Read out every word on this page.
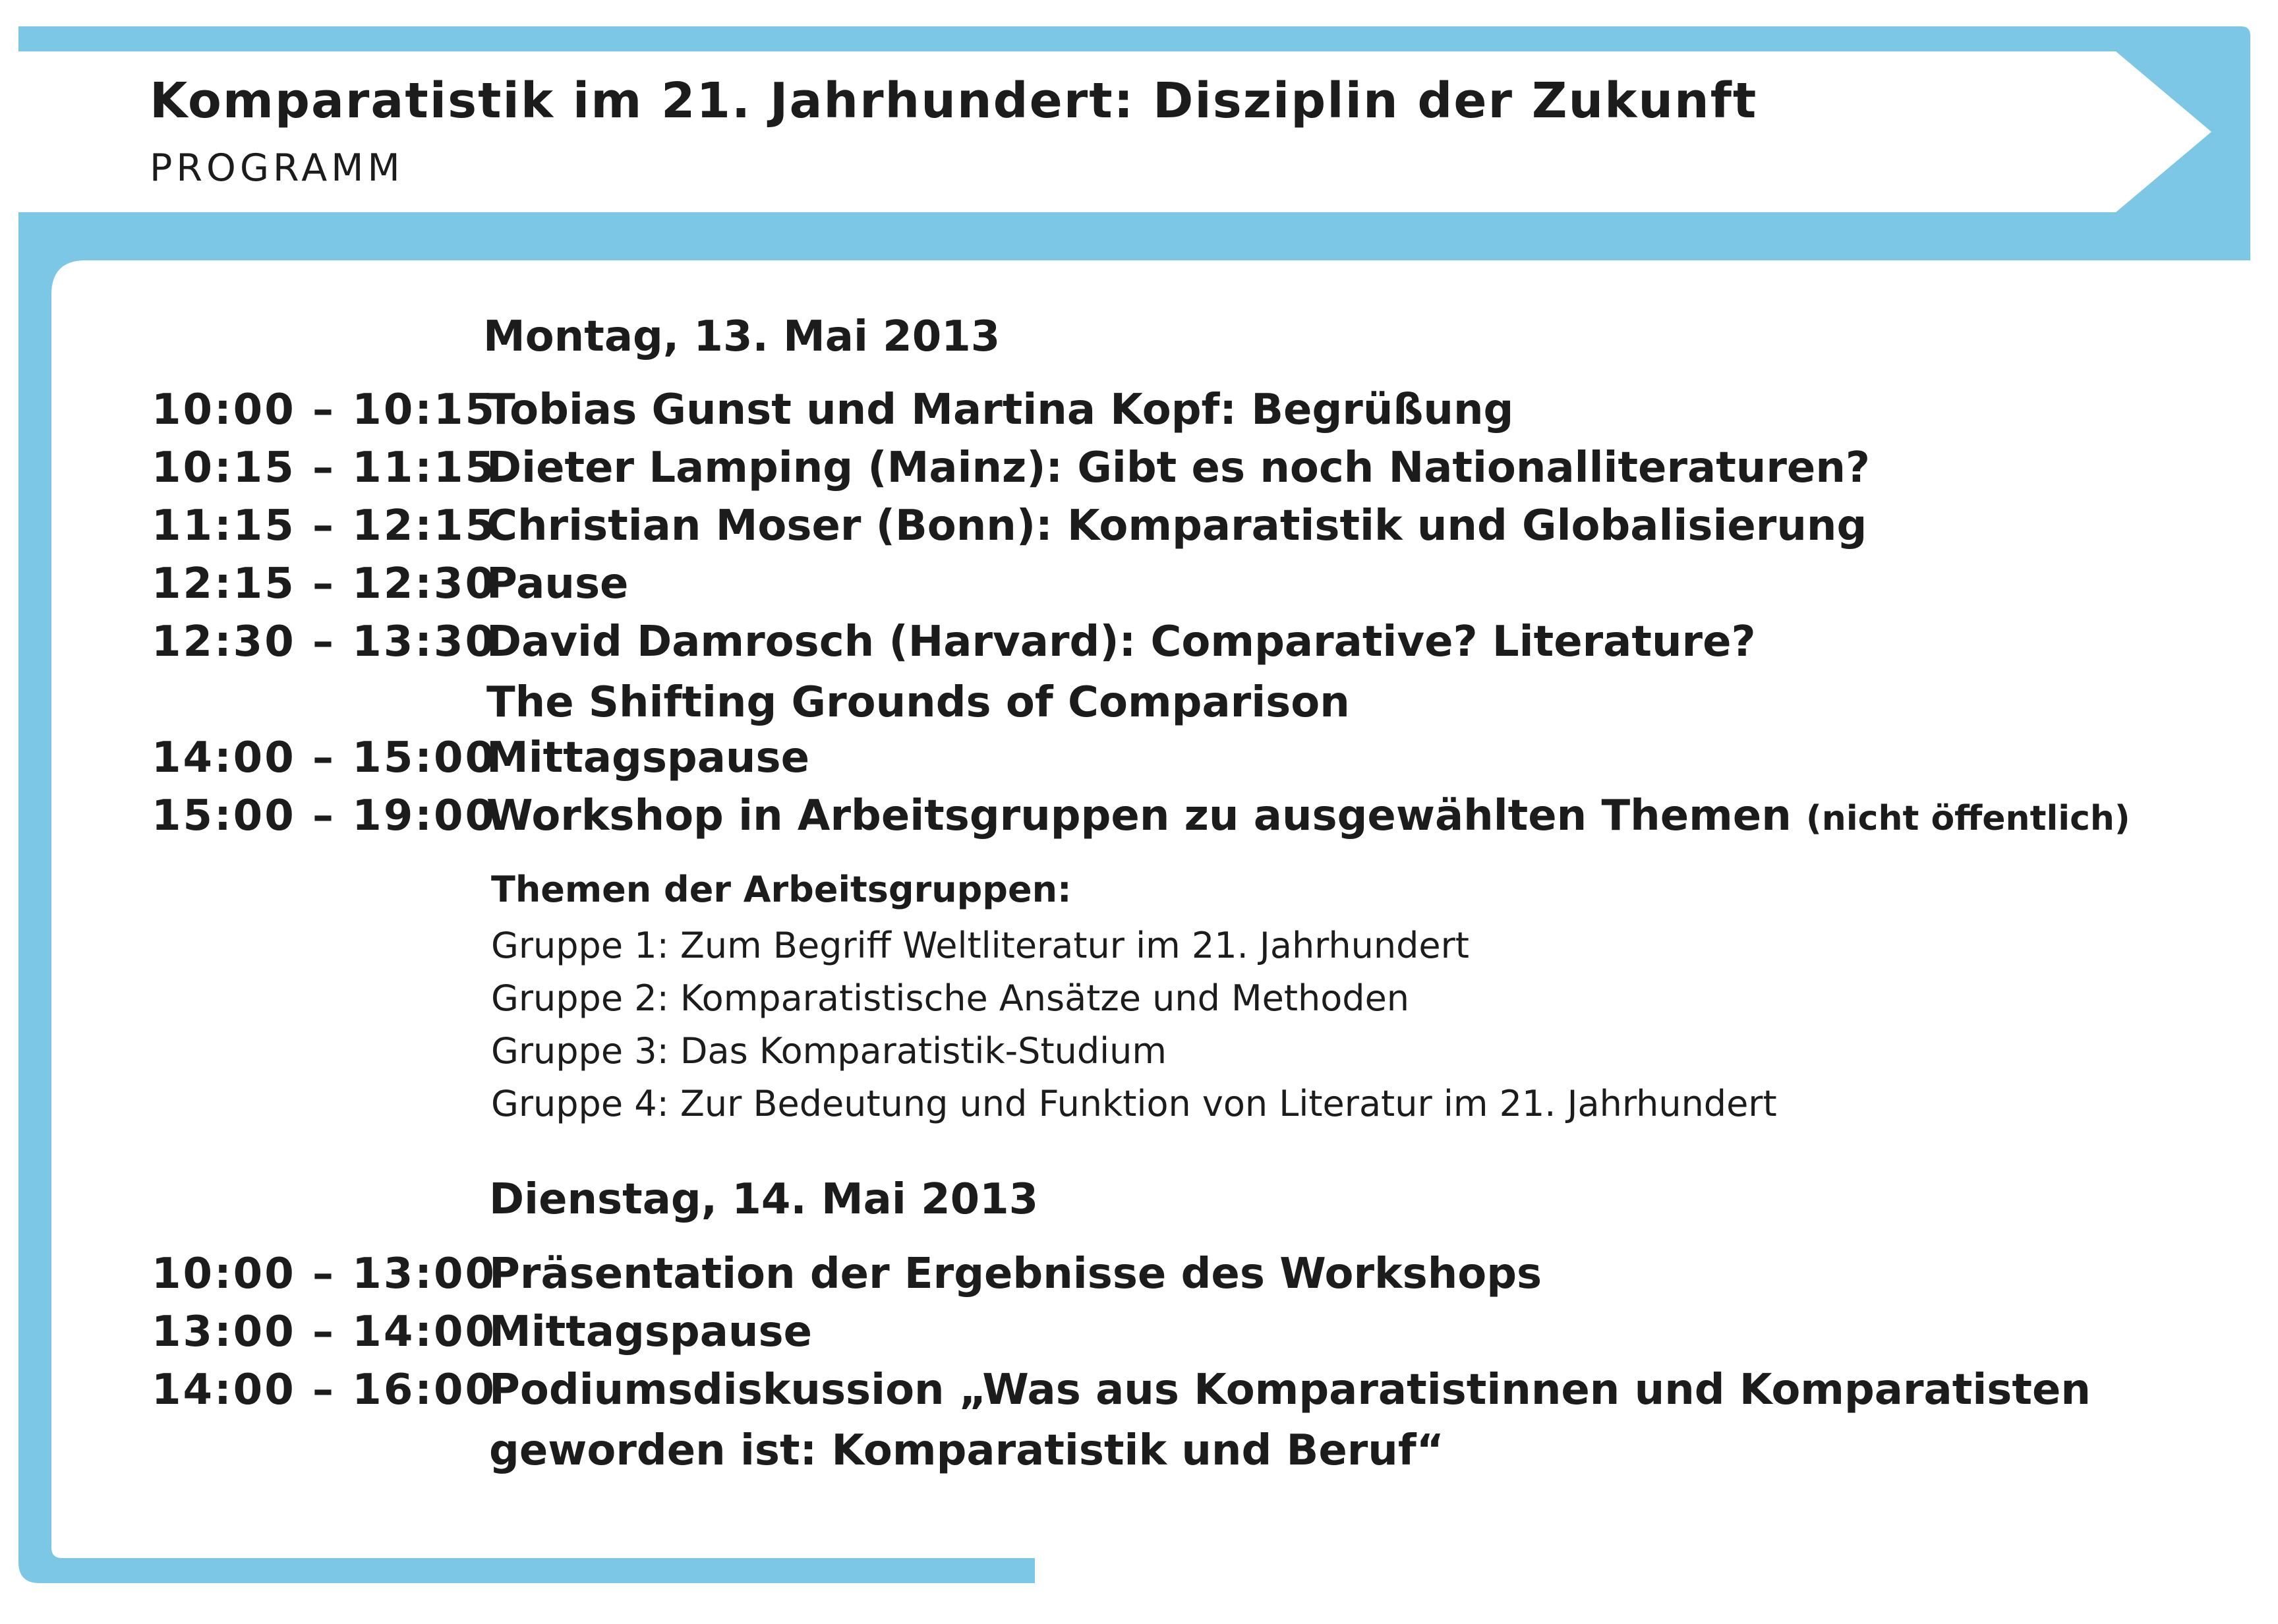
Komparatistik im 21. Jahrhundert: Disziplin der Zukunft
PROGRAMM
Montag, 13. Mai 2013
10:00 – 10:15
Tobias Gunst und Martina Kopf: Begrüßung
10:15 – 11:15
Dieter Lamping (Mainz): Gibt es noch Nationalliteraturen?
11:15 – 12:15
Christian Moser (Bonn): Komparatistik und Globalisierung
12:15 – 12:30
Pause
12:30 – 13:30
David Damrosch (Harvard): Comparative? Literature?
The Shifting Grounds of Comparison
14:00 – 15:00
Mittagspause
15:00 – 19:00
Workshop in Arbeitsgruppen zu ausgewählten Themen (nicht öffentlich)
Themen der Arbeitsgruppen:
Gruppe 1: Zum Begriff Weltliteratur im 21. Jahrhundert
Gruppe 2: Komparatistische Ansätze und Methoden
Gruppe 3: Das Komparatistik-Studium
Gruppe 4: Zur Bedeutung und Funktion von Literatur im 21. Jahrhundert
Dienstag, 14. Mai 2013
10:00 – 13:00
Präsentation der Ergebnisse des Workshops
13:00 – 14:00
Mittagspause
14:00 – 16:00
Podiumsdiskussion „Was aus Komparatistinnen und Komparatisten
geworden ist: Komparatistik und Beruf“
